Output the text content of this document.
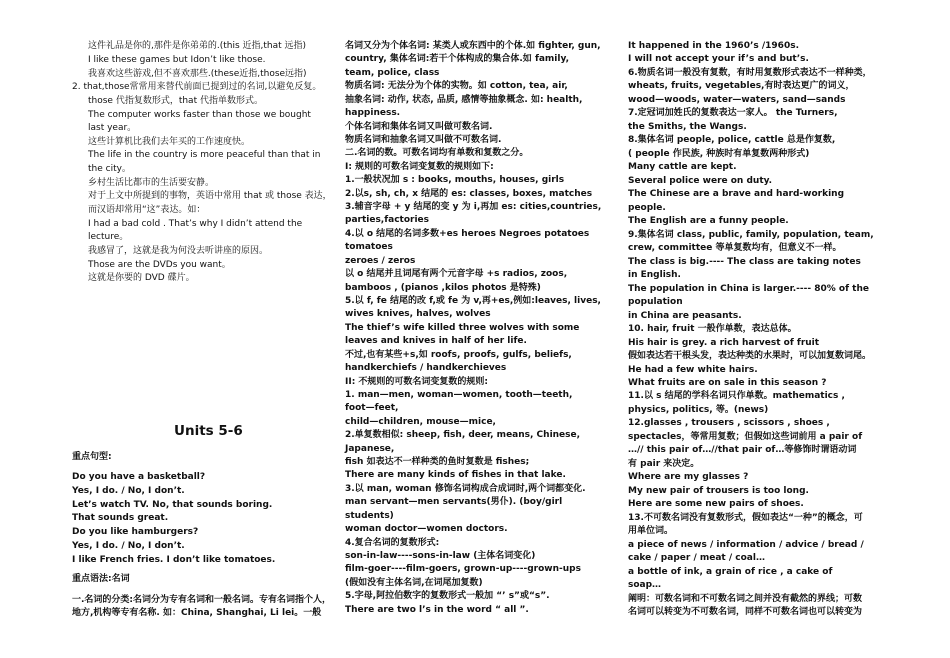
这件礼品是你的,那件是你弟弟的.(this 近指,that 远指)
I like these games but Idon’t like those.
我喜欢这些游戏,但不喜欢那些.(these近指,those远指)
2. that,those常常用来替代前面已提到过的名词,以避免反复。
those 代指复数形式，that 代指单数形式。
The computer works faster than those we bought
last year。
这些计算机比我们去年买的工作速度快。
The life in the country is more peaceful than that in
the city。
乡村生活比都市的生活要安静。
对于上文中所提到的事物，英语中常用 that 或 those 表达，
而汉语却常用“这”表达。如：
I had a bad cold . That’s why I didn’t attend the
lecture。
我感冒了，这就是我为何没去听讲座的原因。
Those are the DVDs you want。
这就是你要的 DVD 碟片。
Units 5-6
重点句型:
Do you have a basketball?
Yes, I do. / No, I don’t.
Let’s watch TV. No, that sounds boring.
That sounds great.
Do you like hamburgers?
Yes, I do. / No, I don’t.
I like French fries. I don’t like tomatoes.
重点语法:名词
一.名词的分类:名词分为专有名词和一般名词。专有名词指个人，
地方,机构等专有名称. 如：China, Shanghai, Li lei。一般
名词又分为个体名词: 某类人或东西中的个体.如 fighter, gun,
country, 集体名词:若干个体构成的集合体.如 family,
team, police, class
物质名词: 无法分为个体的实物。如 cotton, tea, air,
抽象名词: 动作, 状态, 品质, 感情等抽象概念. 如: health,
happiness.
个体名词和集体名词又叫做可数名词.
物质名词和抽象名词又叫做不可数名词.
二.名词的数。可数名词均有单数和复数之分。
I: 规则的可数名词变复数的规则如下:
1.一般状况加 s : books, mouths, houses, girls
2.以s, sh, ch, x 结尾的 es: classes, boxes, matches
3.辅音字母 + y 结尾的变 y 为 i,再加 es: cities,countries,
parties,factories
4.以 o 结尾的名词多数+es heroes Negroes potatoes
tomatoes
zeroes / zeros
以 o 结尾并且词尾有两个元音字母 +s radios, zoos,
bamboos , (pianos ,kilos photos 是特殊)
5.以 f, fe 结尾的改 f,或 fe 为 v,再+es,例如:leaves, lives,
wives knives, halves, wolves
The thief’s wife killed three wolves with some
leaves and knives in half of her life.
不过,也有某些+s,如 roofs, proofs, gulfs, beliefs,
handkerchiefs / handkerchieves
II: 不规则的可数名词变复数的规则:
1. man—men, woman—women, tooth—teeth,
foot—feet,
child—children, mouse—mice,
2.单复数相似: sheep, fish, deer, means, Chinese,
Japanese,
fish 如表达不一样种类的鱼时复数是 fishes;
There are many kinds of fishes in that lake.
3.以 man, woman 修饰名词构成合成词时,两个词都变化.
man servant—men servants(男仆). (boy/girl
students)
woman doctor—women doctors.
4.复合名词的复数形式:
son-in-law----sons-in-law (主体名词变化)
film-goer----film-goers, grown-up----grown-ups
(假如没有主体名词,在词尾加复数)
5.字母,阿拉伯数字的复数形式一般加 “’ s”或“s”.
There are two l’s in the word “ all ”.
It happened in the 1960’s /1960s.
I will not accept your if’s and but’s.
6.物质名词一般没有复数，有时用复数形式表达不一样种类，
wheats, fruits, vegetables,有时表达更广的词义，
wood—woods, water—waters, sand—sands
7.定冠词加姓氏的复数表达一家人。 the Turners,
the Smiths, the Wangs.
8.集体名词 people, police, cattle 总是作复数,
( people 作民族, 种族时有单复数两种形式)
Many cattle are kept.
Several police were on duty.
The Chinese are a brave and hard-working
people.
The English are a funny people.
9.集体名词 class, public, family, population, team,
crew, committee 等单复数均有，但意义不一样。
The class is big.---- The class are taking notes
in English.
The population in China is larger.---- 80% of the
population
in China are peasants.
10. hair, fruit 一般作单数，表达总体。
His hair is grey. a rich harvest of fruit
假如表达若干根头发，表达种类的水果时，可以加复数词尾。
He had a few white hairs.
What fruits are on sale in this season ?
11.以 s 结尾的学科名词只作单数。mathematics ,
physics, politics, 等。(news)
12.glasses , trousers , scissors , shoes ,
spectacles，等常用复数；但假如这些词前用 a pair of
…// this pair of…//that pair of…等修饰时谓语动词
有 pair 来决定。
Where are my glasses ?
My new pair of trousers is too long.
Here are some new pairs of shoes.
13.不可数名词没有复数形式，假如表达“一种”的概念，可
用单位词。
a piece of news / information / advice / bread /
cake / paper / meat / coal…
a bottle of ink, a grain of rice , a cake of
soap…
阐明：可数名词和不可数名词之间并没有截然的界线；可数
名词可以转变为不可数名词，同样不可数名词也可以转变为
